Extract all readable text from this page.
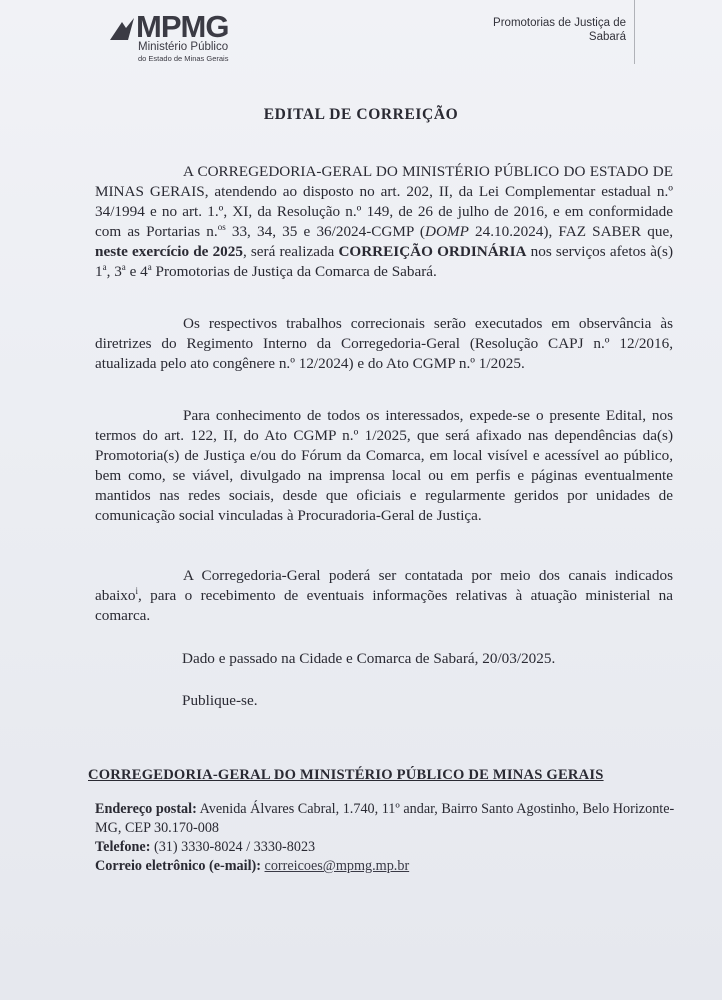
MPMG
Ministério Público
do Estado de Minas Gerais
Promotorias de Justiça de
Sabará
EDITAL DE CORREIÇÃO

A CORREGEDORIA-GERAL DO MINISTÉRIO PÚBLICO DO ESTADO DE MINAS GERAIS, atendendo ao disposto no art. 202, II, da Lei Complementar estadual n.º 34/1994 e no art. 1.º, XI, da Resolução n.º 149, de 26 de julho de 2016, e em conformidade com as Portarias n.$^{os}$ 33, 34, 35 e 36/2024-CGMP (DOMP 24.10.2024), FAZ SABER que, neste exercício de 2025, será realizada CORREIÇÃO ORDINÁRIA nos serviços afetos à(s) 1$^a$, 3$^a$ e 4$^a$ Promotorias de Justiça da Comarca de Sabará.

Os respectivos trabalhos correcionais serão executados em observância às diretrizes do Regimento Interno da Corregedoria-Geral (Resolução CAPJ n.º 12/2016, atualizada pelo ato congênere n.º 12/2024) e do Ato CGMP n.º 1/2025.

Para conhecimento de todos os interessados, expede-se o presente Edital, nos termos do art. 122, II, do Ato CGMP n.º 1/2025, que será afixado nas dependências da(s) Promotoria(s) de Justiça e/ou do Fórum da Comarca, em local visível e acessível ao público, bem como, se viável, divulgado na imprensa local ou em perfis e páginas eventualmente mantidos nas redes sociais, desde que oficiais e regularmente geridos por unidades de comunicação social vinculadas à Procuradoria-Geral de Justiça.

A Corregedoria-Geral poderá ser contatada por meio dos canais indicados abaixo$^i$, para o recebimento de eventuais informações relativas à atuação ministerial na comarca.

Dado e passado na Cidade e Comarca de Sabará, 20/03/2025.
Publique-se.
CORREGEDORIA-GERAL DO MINISTÉRIO PÚBLICO DE MINAS GERAIS
Endereço postal: Avenida Álvares Cabral, 1.740, 11º andar, Bairro Santo Agostinho, Belo Horizonte-MG, CEP 30.170-008
Telefone: (31) 3330-8024 / 3330-8023
Correio eletrônico (e-mail): correicoes@mpmg.mp.br
